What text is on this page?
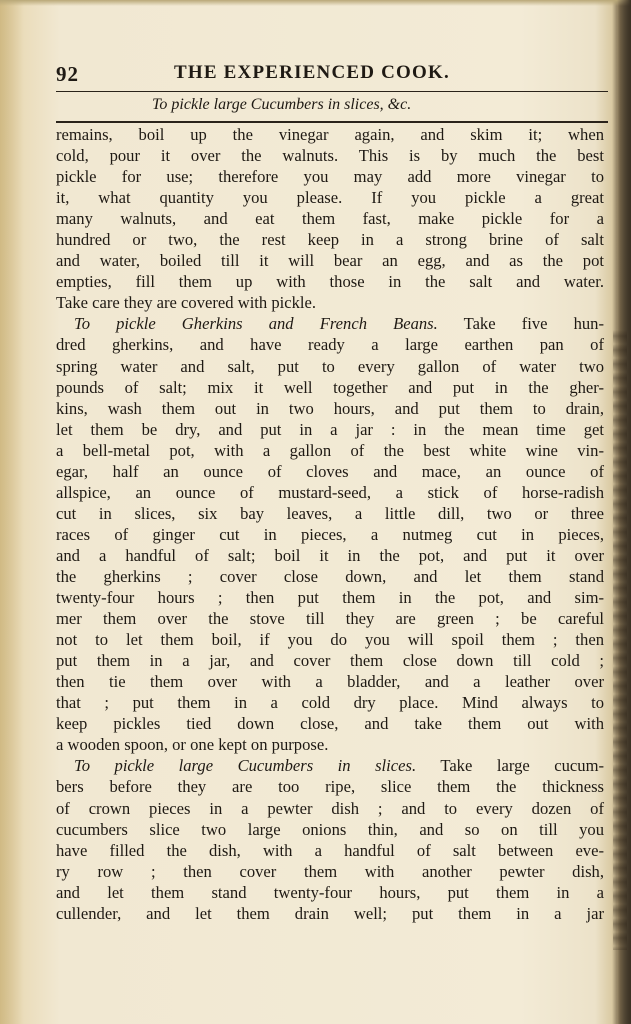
92	THE EXPERIENCED COOK.
To pickle large Cucumbers in slices, &c.
remains, boil up the vinegar again, and skim it; when
cold, pour it over the walnuts. This is by much the best
pickle for use; therefore you may add more vinegar to
it, what quantity you please. If you pickle a great
many walnuts, and eat them fast, make pickle for a
hundred or two, the rest keep in a strong brine of salt
and water, boiled till it will bear an egg, and as the pot
empties, fill them up with those in the salt and water.
Take care they are covered with pickle.
To pickle Gherkins and French Beans. Take five hun-
dred gherkins, and have ready a large earthen pan of
spring water and salt, put to every gallon of water two
pounds of salt; mix it well together and put in the gher-
kins, wash them out in two hours, and put them to drain,
let them be dry, and put in a jar : in the mean time get
a bell-metal pot, with a gallon of the best white wine vin-
egar, half an ounce of cloves and mace, an ounce of
allspice, an ounce of mustard-seed, a stick of horse-radish
cut in slices, six bay leaves, a little dill, two or three
races of ginger cut in pieces, a nutmeg cut in pieces,
and a handful of salt; boil it in the pot, and put it over
the gherkins ; cover close down, and let them stand
twenty-four hours ; then put them in the pot, and sim-
mer them over the stove till they are green ; be careful
not to let them boil, if you do you will spoil them ; then
put them in a jar, and cover them close down till cold ;
then tie them over with a bladder, and a leather over
that ; put them in a cold dry place. Mind always to
keep pickles tied down close, and take them out with
a wooden spoon, or one kept on purpose.
To pickle large Cucumbers in slices. Take large cucum-
bers before they are too ripe, slice them the thickness
of crown pieces in a pewter dish ; and to every dozen of
cucumbers slice two large onions thin, and so on till you
have filled the dish, with a handful of salt between eve-
ry row ; then cover them with another pewter dish,
and let them stand twenty-four hours, put them in a
cullender, and let them drain well; put them in a jar
